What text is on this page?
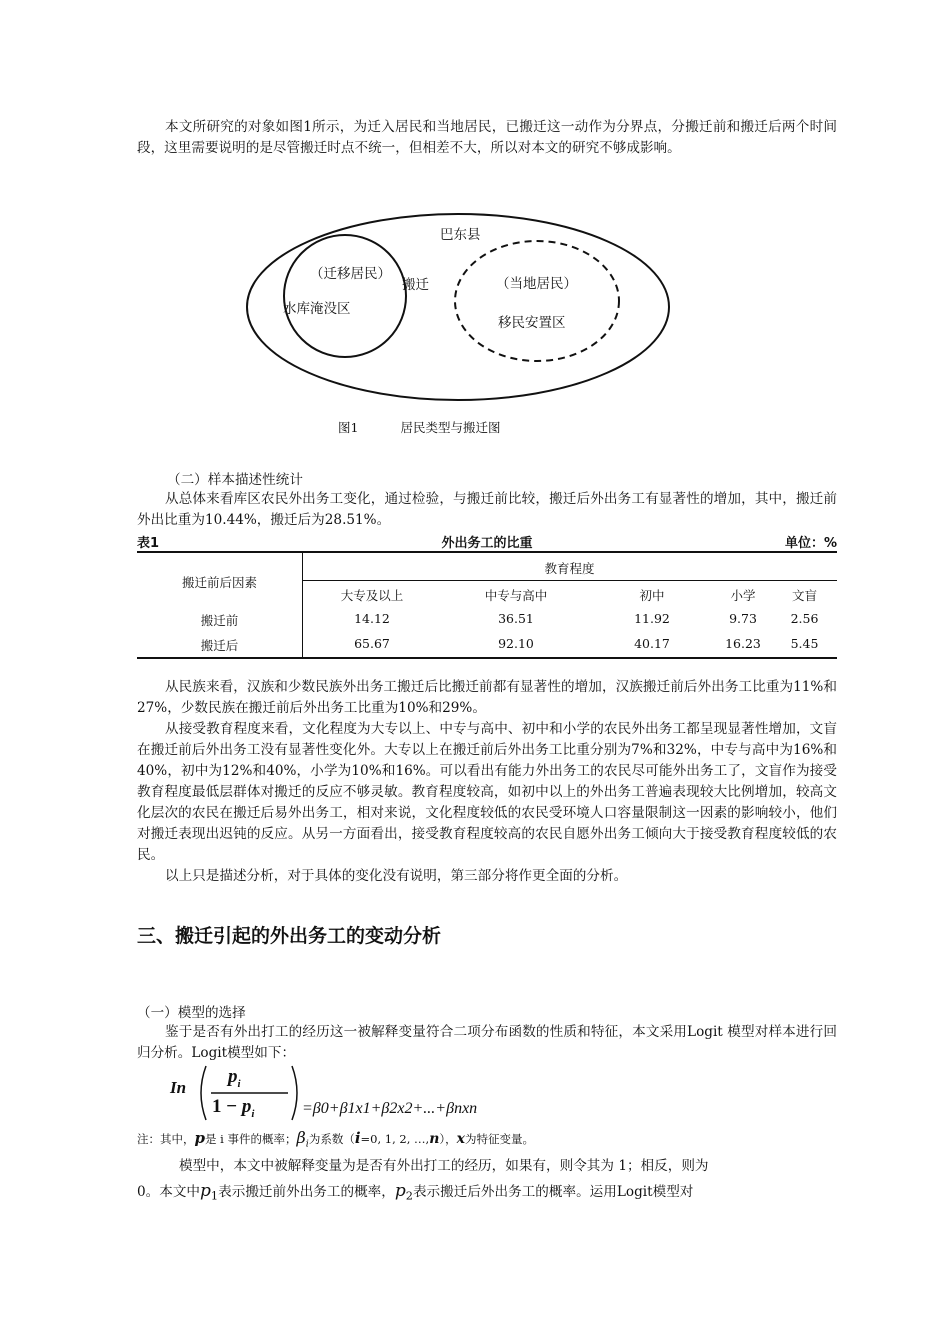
本文所研究的对象如图1所示，为迁入居民和当地居民，已搬迁这一动作为分界点，分搬迁前和搬迁后两个时间段，这里需要说明的是尽管搬迁时点不统一，但相差不大，所以对本文的研究不够成影响。

巴东县
（迁移居民）
水库淹没区
搬迁	（当地居民）
移民安置区
图1	居民类型与搬迁图
（二）样本描述性统计

从总体来看库区农民外出务工变化，通过检验，与搬迁前比较，搬迁后外出务工有显著性的增加，其中，搬迁前外出比重为10.44%，搬迁后为28.51%。

表1	外出务工的比重	单位：%
搬迁前后因素
教育程度
大专及以上	中专与高中	初中	小学	文盲
搬迁前	14.12	36.51	11.92	9.73	2.56
搬迁后	65.67	92.10	40.17	16.23	5.45

从民族来看，汉族和少数民族外出务工搬迁后比搬迁前都有显著性的增加，汉族搬迁前后外出务工比重为11%和27%，少数民族在搬迁前后外出务工比重为10%和29%。

从接受教育程度来看，文化程度为大专以上、中专与高中、初中和小学的农民外出务工都呈现显著性增加，文盲在搬迁前后外出务工没有显著性变化外。大专以上在搬迁前后外出务工比重分别为7%和32%，中专与高中为16%和40%，初中为12%和40%，小学为10%和16%。可以看出有能力外出务工的农民尽可能外出务工了，文盲作为接受教育程度最低层群体对搬迁的反应不够灵敏。教育程度较高，如初中以上的外出务工普遍表现较大比例增加，较高文化层次的农民在搬迁后易外出务工，相对来说，文化程度较低的农民受环境人口容量限制这一因素的影响较小，他们对搬迁表现出迟钝的反应。从另一方面看出，接受教育程度较高的农民自愿外出务工倾向大于接受教育程度较低的农民。

以上只是描述分析，对于具体的变化没有说明，第三部分将作更全面的分析。

三、搬迁引起的外出务工的变动分析
（一）模型的选择

鉴于是否有外出打工的经历这一被解释变量符合二项分布函数的性质和特征，本文采用Logit 模型对样本进行回归分析。Logit模型如下：

In
$p_i$
$1 - p_i$	=β0+β1x1+β2x2+...+βnxn
注：其中，p是 i 事件的概率；$\beta_i$为系数（i=0, 1, 2, …,n），x为特征变量。
模型中，本文中被解释变量为是否有外出打工的经历，如果有，则令其为 1；相反，则为
0。本文中$p_1$表示搬迁前外出务工的概率，$p_2$表示搬迁后外出务工的概率。运用Logit模型对
